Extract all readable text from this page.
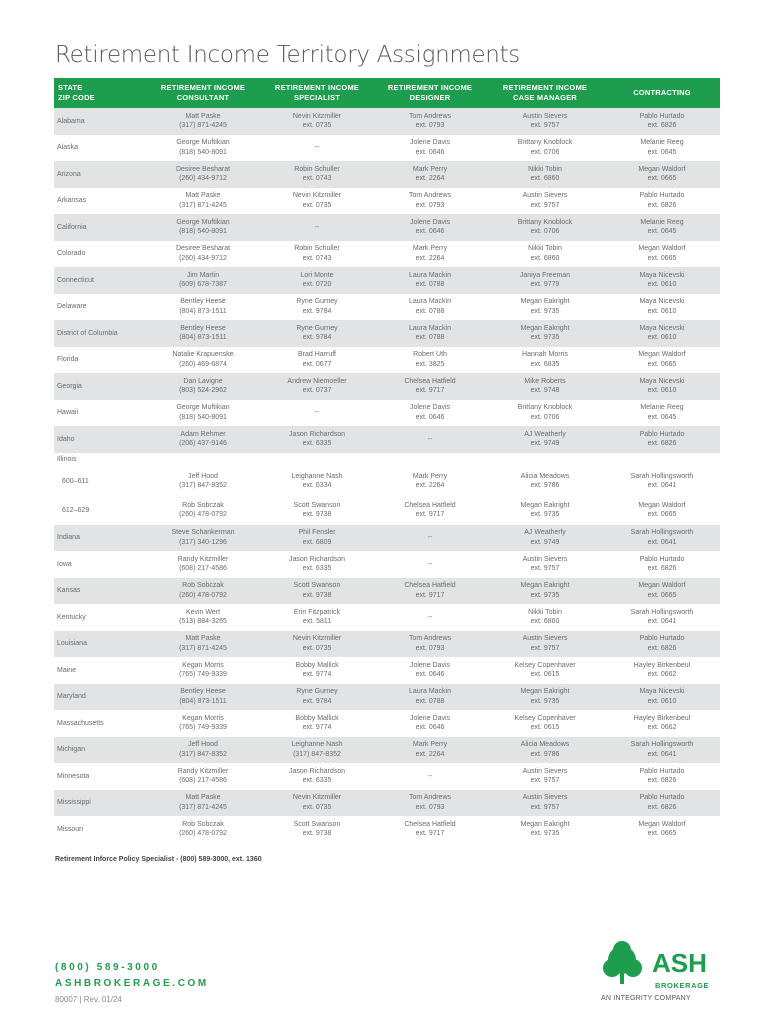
Retirement Income Territory Assignments
STATE
ZIP CODE
RETIREMENT INCOME
CONSULTANT
RETIREMENT INCOME
SPECIALIST
RETIREMENT INCOME
DESIGNER
RETIREMENT INCOME
CASE MANAGER
CONTRACTING
Alabama
Matt Paske
(317) 871-4245
Nevin Kitzmiller
ext. 0735
Tom Andrews
ext. 0793
Austin Sievers
ext. 9757
Pablo Hurtado
ext. 6826
Alaska
George Muftikian
(818) 540-8091
--
Jolene Davis
ext. 0646
Brittany Knoblock
ext. 0706
Melanie Reeg
ext. 0645
Arizona
Desiree Besharat
(260) 434-9712
Robin Schuller
ext. 0743
Mark Perry
ext. 2264
Nikki Tobin
ext. 6860
Megan Waldorf
ext. 0665
Arkansas
Matt Paske
(317) 871-4245
Nevin Kitzmiller
ext. 0735
Tom Andrews
ext. 0793
Austin Sievers
ext. 9757
Pablo Hurtado
ext. 6826
California
George Muftikian
(818) 540-8091
--
Jolene Davis
ext. 0646
Brittany Knoblock
ext. 0706
Melanie Reeg
ext. 0645
Colorado
Desiree Besharat
(260) 434-9712
Robin Schuller
ext. 0743
Mark Perry
ext. 2264
Nikki Tobin
ext. 6860
Megan Waldorf
ext. 0665
Connecticut
Jim Martin
(609) 678-7387
Lori Monte
ext. 0720
Laura Mackin
ext. 0788
Janiya Freeman
ext. 9779
Maya Nicevski
ext. 0610
Delaware
Bentley Heese
(804) 873-1511
Ryne Gurney
ext. 9784
Laura Mackin
ext. 0788
Megan Eakright
ext. 9735
Maya Nicevski
ext. 0610
District of Columbia
Bentley Heese
(804) 873-1511
Ryne Gurney
ext. 9784
Laura Mackin
ext. 0788
Megan Eakright
ext. 9735
Maya Nicevski
ext. 0610
Florida
Natalie Krapuenske
(260) 469-6874
Brad Harruff
ext. 0677
Robert Uth
ext. 3825
Hannah Morris
ext. 6835
Megan Waldorf
ext. 0665
Georgia
Dan Lavigne
(803) 524-2962
Andrew Niemoeller
ext. 0737
Chelsea Hatfield
ext. 9717
Mike Roberts
ext. 9748
Maya Nicevski
ext. 0610
Hawaii
George Muftikian
(818) 540-8091
--
Jolene Davis
ext. 0646
Brittany Knoblock
ext. 0706
Melanie Reeg
ext. 0645
Idaho
Adam Rehmer
(206) 437-9146
Jason Richardson
ext. 6335
--
AJ Weatherly
ext. 9749
Pablo Hurtado
ext. 6826
Illinois
600–611
Jeff Hood
(317) 847-8352
Leighanne Nash
ext. 6334
Mark Perry
ext. 2264
Alicia Meadows
ext. 9786
Sarah Hollingsworth
ext. 0641
612–629
Rob Sobczak
(260) 478-0792
Scott Swanson
ext. 9738
Chelsea Hatfield
ext. 9717
Megan Eakright
ext. 9735
Megan Waldorf
ext. 0665
Indiana
Steve Schankerman
(317) 340-1296
Phil Fensler
ext. 6809
--
AJ Weatherly
ext. 9749
Sarah Hollingsworth
ext. 0641
Iowa
Randy Kitzmiller
(608) 217-4586
Jason Richardson
ext. 6335
--
Austin Sievers
ext. 9757
Pablo Hurtado
ext. 6826
Kansas
Rob Sobczak
(260) 478-0792
Scott Swanson
ext. 9738
Chelsea Hatfield
ext. 9717
Megan Eakright
ext. 9735
Megan Waldorf
ext. 0665
Kentucky
Kevin Wert
(513) 884-3265
Erin Fitzpatrick
ext. 5811
--
Nikki Tobin
ext. 6860
Sarah Hollingsworth
ext. 0641
Louisiana
Matt Paske
(317) 871-4245
Nevin Kitzmiller
ext. 0735
Tom Andrews
ext. 0793
Austin Sievers
ext. 9757
Pablo Hurtado
ext. 6826
Maine
Kegan Morris
(765) 749-9339
Bobby Mallick
ext. 9774
Jolene Davis
ext. 0646
Kelsey Copenhaver
ext. 0615
Hayley Birkenbeul
ext. 0662
Maryland
Bentley Heese
(804) 873-1511
Ryne Gurney
ext. 9784
Laura Mackin
ext. 0788
Megan Eakright
ext. 9735
Maya Nicevski
ext. 0610
Massachusetts
Kegan Morris
(765) 749-9339
Bobby Mallick
ext. 9774
Jolene Davis
ext. 0646
Kelsey Copenhaver
ext. 0615
Hayley Birkenbeul
ext. 0662
Michigan
Jeff Hood
(317) 847-8352
Leighanne Nash
(317) 847-8352
Mark Perry
ext. 2264
Alicia Meadows
ext. 9786
Sarah Hollingsworth
ext. 0641
Minnesota
Randy Kitzmiller
(608) 217-4586
Jason Richardson
ext. 6335
--
Austin Sievers
ext. 9757
Pablo Hurtado
ext. 6826
Mississippi
Matt Paske
(317) 871-4245
Nevin Kitzmiller
ext. 0735
Tom Andrews
ext. 0793
Austin Sievers
ext. 9757
Pablo Hurtado
ext. 6826
Missouri
Rob Sobczak
(260) 478-0792
Scott Swanson
ext. 9738
Chelsea Hatfield
ext. 9717
Megan Eakright
ext. 9735
Megan Waldorf
ext. 0665
Retirement Inforce Policy Specialist - (800) 589-3000, ext. 1360
(800) 589-3000
ASHBROKERAGE.COM
80007 | Rev. 01/24
ASH
BROKERAGE
AN INTEGRITY COMPANY
